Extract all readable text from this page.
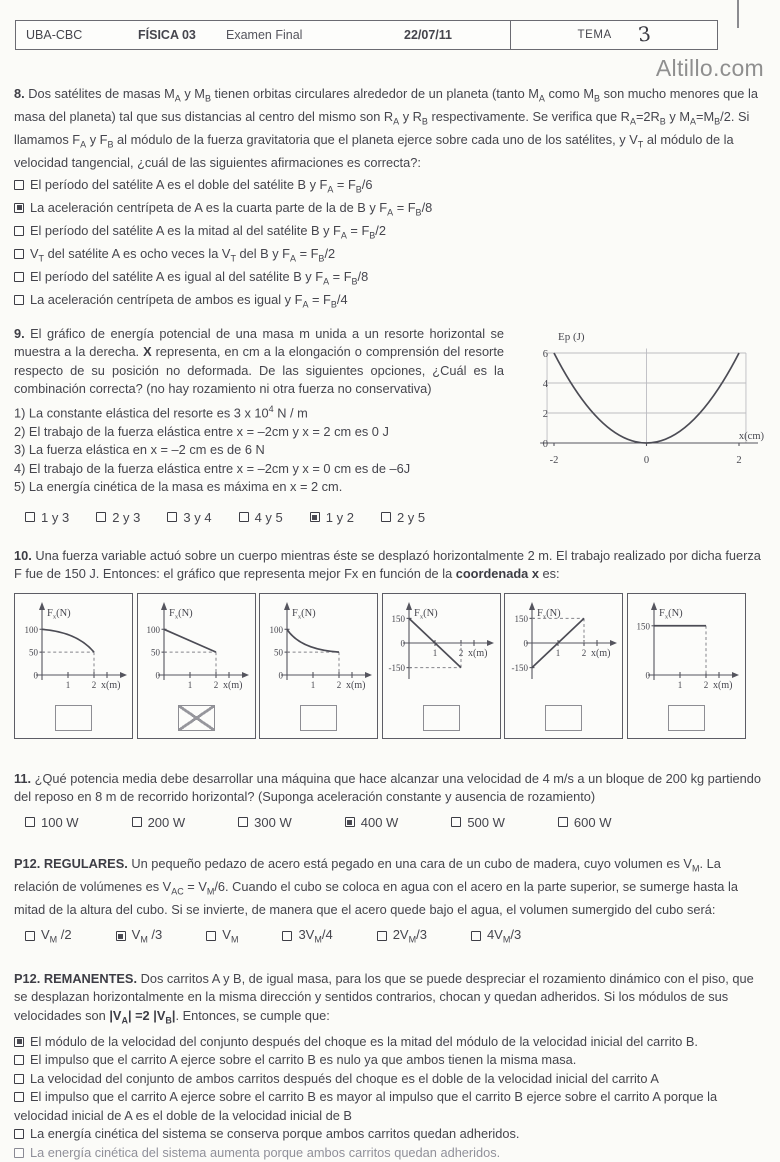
UBA-CBC	FÍSICA 03	Examen Final	22/07/11	TEMA 3
Altillo.com

8. Dos satélites de masas $M_A$ y $M_B$ tienen orbitas circulares alrededor de un planeta (tanto $M_A$ como $M_B$ son mucho menores que la masa del planeta) tal que sus distancias al centro del mismo son $R_A$ y $R_B$ respectivamente. Se verifica que $R_A=2R_B$ y $M_A=M_B/2$. Si llamamos $F_A$ y $F_B$ al módulo de la fuerza gravitatoria que el planeta ejerce sobre cada uno de los satélites, y $V_T$ al módulo de la velocidad tangencial, ¿cuál de las siguientes afirmaciones es correcta?:

El período del satélite A es el doble del satélite B y $F_A = F_B/6$
La aceleración centrípeta de A es la cuarta parte de la de B y $F_A = F_B/8$
El período del satélite A es la mitad al del satélite B y $F_A = F_B/2$
$V_T$ del satélite A es ocho veces la $V_T$ del B y $F_A = F_B/2$
El período del satélite A es igual al del satélite B y $F_A = F_B/8$
La aceleración centrípeta de ambos es igual y $F_A = F_B/4$

9. El gráfico de energía potencial de una masa m unida a un resorte horizontal se muestra a la derecha. X representa, en cm a la elongación o comprensión del resorte respecto de su posición no deformada. De las siguientes opciones, ¿Cuál es la combinación correcta? (no hay rozamiento ni otra fuerza no conservativa)

1) La constante elástica del resorte es 3 x $10^4$ N / m
2) El trabajo de la fuerza elástica entre x = –2cm y x = 2 cm es 0 J
3) La fuerza elástica en x = –2 cm es de 6 N
4) El trabajo de la fuerza elástica entre x = –2cm y x = 0 cm es de –6J
5) La energía cinética de la masa es máxima en x = 2 cm.
-2	0	2
0
2
4
6
Ep (J)
x(cm)
1 y 3	2 y 3	3 y 4	4 y 5	1 y 2	2 y 5

10. Una fuerza variable actuó sobre un cuerpo mientras éste se desplazó horizontalmente 2 m. El trabajo realizado por dicha fuerza F fue de 150 J. Entonces: el gráfico que representa mejor Fx en función de la coordenada x es:

$F_x(N)$
0
50
100
1 2 x(m)
$F_x(N)$
0
50
100
1 2 x(m)
$F_x(N)$
0
50
100
1 2 x(m)
$F_x(N)$
150
0
-150
1 2 x(m)
$F_x(N)$
150
0
-150
1 2 x(m)
$F_x(N)$
150
0
1 2 x(m)

11. ¿Qué potencia media debe desarrollar una máquina que hace alcanzar una velocidad de 4 m/s a un bloque de 200 kg partiendo del reposo en 8 m de recorrido horizontal? (Suponga aceleración constante y ausencia de rozamiento)

100 W	200 W	300 W	400 W	500 W	600 W

P12. REGULARES. Un pequeño pedazo de acero está pegado en una cara de un cubo de madera, cuyo volumen es $V_M$. La relación de volúmenes es $V_{AC} = V_M/6$. Cuando el cubo se coloca en agua con el acero en la parte superior, se sumerge hasta la mitad de la altura del cubo. Si se invierte, de manera que el acero quede bajo el agua, el volumen sumergido del cubo será:

$V_M$ /2	$V_M$ /3	$V_M$	$3V_M/4$	$2V_M/3$	$4V_M/3$

P12. REMANENTES. Dos carritos A y B, de igual masa, para los que se puede despreciar el rozamiento dinámico con el piso, que se desplazan horizontalmente en la misma dirección y sentidos contrarios, chocan y quedan adheridos. Si los módulos de sus velocidades son $|V_A| =2$ $|V_B|$. Entonces, se cumple que:

El módulo de la velocidad del conjunto después del choque es la mitad del módulo de la velocidad inicial del carrito B.
El impulso que el carrito A ejerce sobre el carrito B es nulo ya que ambos tienen la misma masa.
La velocidad del conjunto de ambos carritos después del choque es el doble de la velocidad inicial del carrito A
El impulso que el carrito A ejerce sobre el carrito B es mayor al impulso que el carrito B ejerce sobre el carrito A porque la velocidad inicial de A es el doble de la velocidad inicial de B
La energía cinética del sistema se conserva porque ambos carritos quedan adheridos.
La energía cinética del sistema aumenta porque ambos carritos quedan adheridos.
